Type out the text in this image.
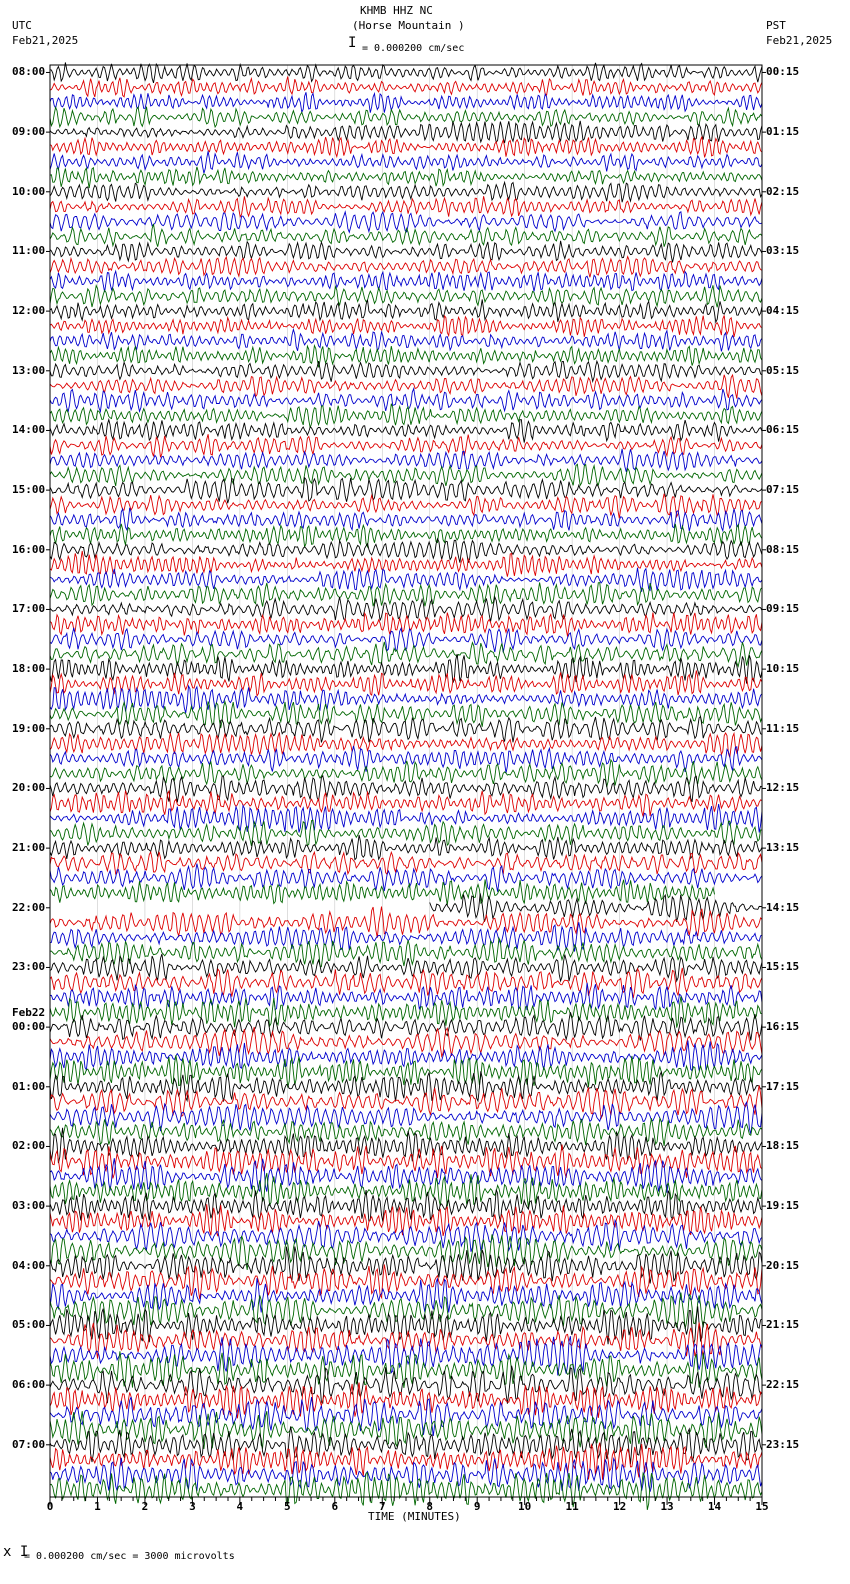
KHMB HHZ NC
(Horse Mountain )
I = 0.000200 cm/sec
UTC
Feb21,2025
PST
Feb21,2025
0	1	2	3	4	5	6	7	8	9	10	11	12	13	14	15
08:00
09:00
10:00
11:00
12:00
13:00
14:00
15:00
16:00
17:00
18:00
19:00
20:00
21:00
22:00
23:00
00:00
Feb22
01:00
02:00
03:00
04:00
05:00
06:00
07:00
00:15
01:15
02:15
03:15
04:15
05:15
06:15
07:15
08:15
09:15
10:15
11:15
12:15
13:15
14:15
15:15
16:15
17:15
18:15
19:15
20:15
21:15
22:15
23:15
TIME (MINUTES)
x I
= 0.000200 cm/sec = 3000 microvolts
